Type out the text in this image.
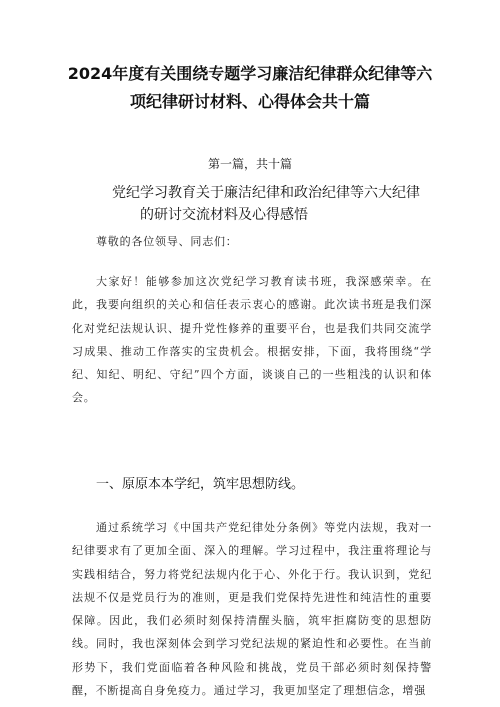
2024年度有关围绕专题学习廉洁纪律群众纪律等六
项纪律研讨材料、心得体会共十篇
第一篇，共十篇
党纪学习教育关于廉洁纪律和政治纪律等六大纪律
的研讨交流材料及心得感悟
尊敬的各位领导、同志们：
大家好！能够参加这次党纪学习教育读书班，我深感荣幸。在此，我要向组织的关心和信任表示衷心的感谢。此次读书班是我们深化对党纪法规认识、提升党性修养的重要平台，也是我们共同交流学习成果、推动工作落实的宝贵机会。根据安排，下面，我将围绕“学纪、知纪、明纪、守纪”四个方面，谈谈自己的一些粗浅的认识和体会。
一、原原本本学纪，筑牢思想防线。
通过系统学习《中国共产党纪律处分条例》等党内法规，我对一纪律要求有了更加全面、深入的理解。学习过程中，我注重将理论与实践相结合，努力将党纪法规内化于心、外化于行。我认识到，党纪法规不仅是党员行为的准则，更是我们党保持先进性和纯洁性的重要保障。因此，我们必须时刻保持清醒头脑，筑牢拒腐防变的思想防线。同时，我也深刻体会到学习党纪法规的紧迫性和必要性。在当前形势下，我们党面临着各种风险和挑战，党员干部必须时刻保持警醒，不断提高自身免疫力。通过学习，我更加坚定了理想信念，增强
